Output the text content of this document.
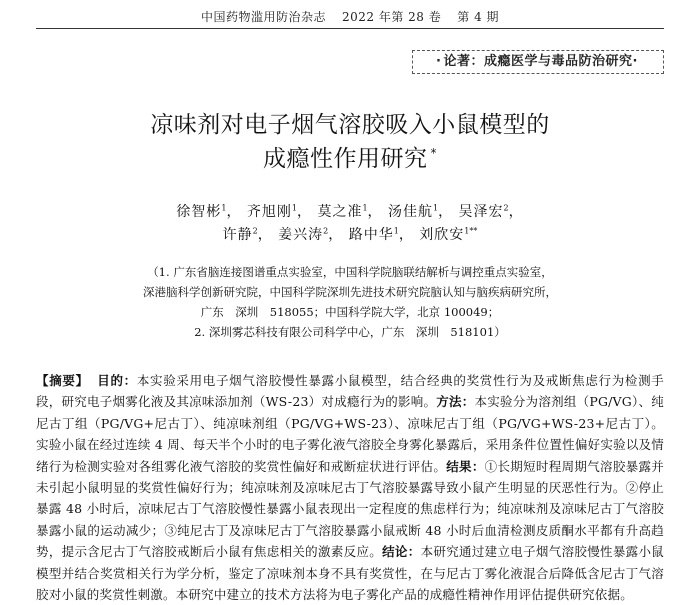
中国药物滥用防治杂志 2022 年第 28 卷 第 4 期
· 论著：成瘾医学与毒品防治研究·
凉味剂对电子烟气溶胶吸入小鼠模型的
成瘾性作用研究 *
徐智彬$^1$， 齐旭刚$^1$， 莫之准$^1$， 汤佳航$^1$， 吴泽宏$^2$，
许静$^2$， 姜兴涛$^2$， 路中华$^1$， 刘欣安$^{1**}$
（1. 广东省脑连接图谱重点实验室，中国科学院脑联结解析与调控重点实验室，
深港脑科学创新研究院，中国科学院深圳先进技术研究院脑认知与脑疾病研究所，
广东　深圳　518055；中国科学院大学，北京 100049；
2. 深圳雾芯科技有限公司科学中心，广东　深圳　518101）
【摘要】 目的：本实验采用电子烟气溶胶慢性暴露小鼠模型，结合经典的奖赏性行为及戒断焦虑行为检测手段，研究电子烟雾化液及其凉味添加剂（WS-23）对成瘾行为的影响。方法：本实验分为溶剂组（PG/VG）、纯尼古丁组（PG/VG+尼古丁）、纯凉味剂组（PG/VG+WS-23）、凉味尼古丁组（PG/VG+WS-23+尼古丁）。实验小鼠在经过连续 4 周、每天半个小时的电子雾化液气溶胶全身雾化暴露后，采用条件位置性偏好实验以及情绪行为检测实验对各组雾化液气溶胶的奖赏性偏好和戒断症状进行评估。结果：①长期短时程周期气溶胶暴露并未引起小鼠明显的奖赏性偏好行为；纯凉味剂及凉味尼古丁气溶胶暴露导致小鼠产生明显的厌恶性行为。②停止暴露 48 小时后，凉味尼古丁气溶胶慢性暴露小鼠表现出一定程度的焦虑样行为；纯凉味剂及凉味尼古丁气溶胶暴露小鼠的运动减少；③纯尼古丁及凉味尼古丁气溶胶暴露小鼠戒断 48 小时后血清检测皮质酮水平都有升高趋势，提示含尼古丁气溶胶戒断后小鼠有焦虑相关的激素反应。结论：本研究通过建立电子烟气溶胶慢性暴露小鼠模型并结合奖赏相关行为学分析，鉴定了凉味剂本身不具有奖赏性，在与尼古丁雾化液混合后降低含尼古丁气溶胶对小鼠的奖赏性刺激。本研究中建立的技术方法将为电子雾化产品的成瘾性精神作用评估提供研究依据。
